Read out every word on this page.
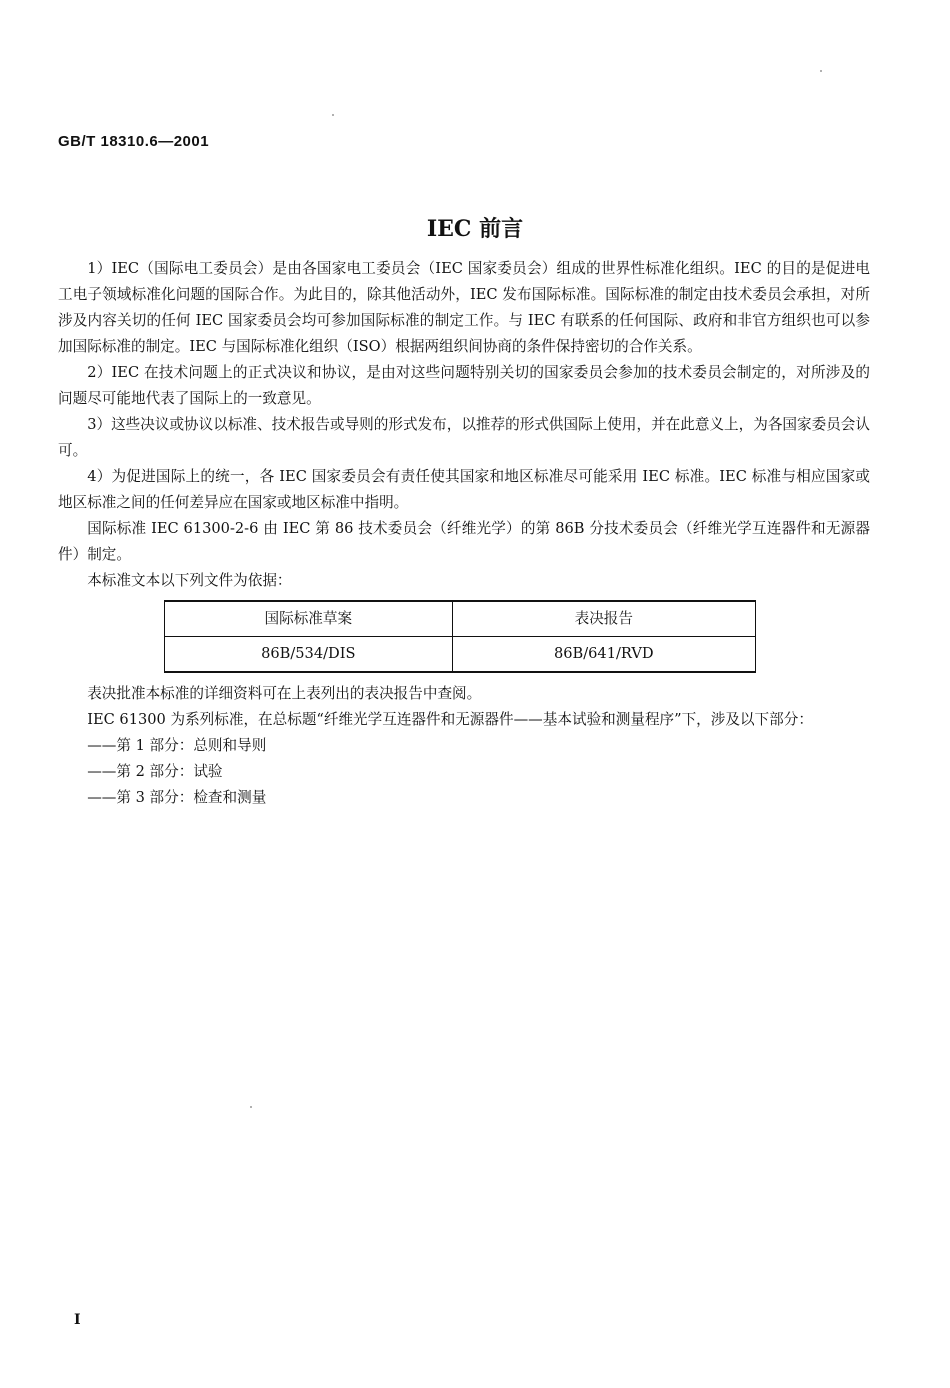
GB/T 18310.6—2001
IEC 前言

1）IEC（国际电工委员会）是由各国家电工委员会（IEC 国家委员会）组成的世界性标准化组织。IEC 的目的是促进电工电子领域标准化问题的国际合作。为此目的，除其他活动外，IEC 发布国际标准。国际标准的制定由技术委员会承担，对所涉及内容关切的任何 IEC 国家委员会均可参加国际标准的制定工作。与 IEC 有联系的任何国际、政府和非官方组织也可以参加国际标准的制定。IEC 与国际标准化组织（ISO）根据两组织间协商的条件保持密切的合作关系。

2）IEC 在技术问题上的正式决议和协议，是由对这些问题特别关切的国家委员会参加的技术委员会制定的，对所涉及的问题尽可能地代表了国际上的一致意见。

3）这些决议或协议以标准、技术报告或导则的形式发布，以推荐的形式供国际上使用，并在此意义上，为各国家委员会认可。

4）为促进国际上的统一，各 IEC 国家委员会有责任使其国家和地区标准尽可能采用 IEC 标准。IEC 标准与相应国家或地区标准之间的任何差异应在国家或地区标准中指明。

国际标准 IEC 61300-2-6 由 IEC 第 86 技术委员会（纤维光学）的第 86B 分技术委员会（纤维光学互连器件和无源器件）制定。

本标准文本以下列文件为依据：

国际标准草案	表决报告
86B/534/DIS	86B/641/RVD

表决批准本标准的详细资料可在上表列出的表决报告中查阅。

IEC 61300 为系列标准，在总标题“纤维光学互连器件和无源器件——基本试验和测量程序”下，涉及以下部分：

——第 1 部分：总则和导则
——第 2 部分：试验
——第 3 部分：检查和测量
I
